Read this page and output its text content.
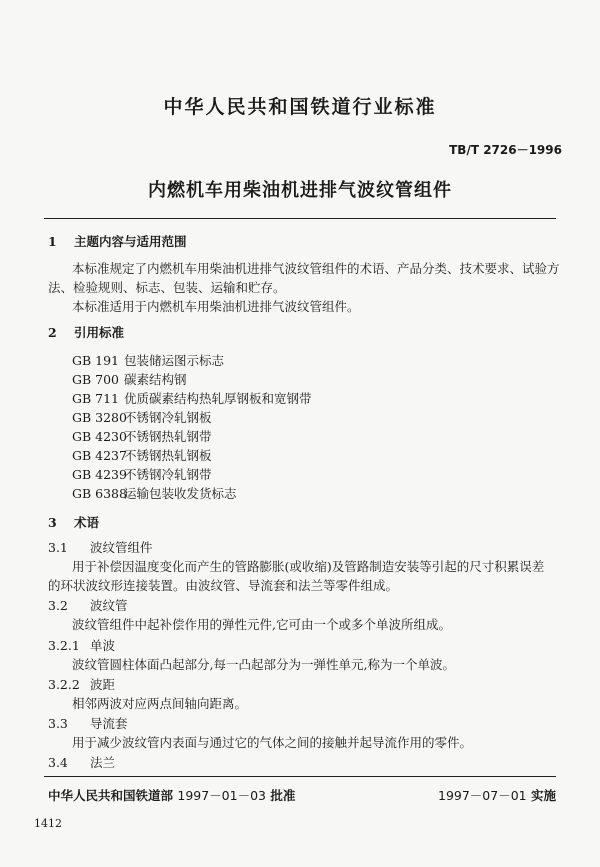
中华人民共和国铁道行业标准
TB/T 2726－1996
内燃机车用柴油机进排气波纹管组件
1 主题内容与适用范围
本标准规定了内燃机车用柴油机进排气波纹管组件的术语、产品分类、技术要求、试验方
法、检验规则、标志、包装、运输和贮存。
本标准适用于内燃机车用柴油机进排气波纹管组件。
2 引用标准
GB 191 包装储运图示标志
GB 700 碳素结构钢
GB 711 优质碳素结构热轧厚钢板和宽钢带
GB 3280不锈钢冷轧钢板
GB 4230不锈钢热轧钢带
GB 4237不锈钢热轧钢板
GB 4239不锈钢冷轧钢带
GB 6388运输包装收发货标志
3 术语
3.1 波纹管组件
用于补偿因温度变化而产生的管路膨胀(或收缩)及管路制造安装等引起的尺寸积累误差
的环状波纹形连接装置。由波纹管、导流套和法兰等零件组成。
3.2 波纹管
波纹管组件中起补偿作用的弹性元件,它可由一个或多个单波所组成。
3.2.1 单波
波纹管圆柱体面凸起部分,每一凸起部分为一弹性单元,称为一个单波。
3.2.2 波距
相邻两波对应两点间轴向距离。
3.3 导流套
用于减少波纹管内表面与通过它的气体之间的接触并起导流作用的零件。
3.4 法兰
中华人民共和国铁道部 1997－01－03 批准	1997－07－01 实施
1412
